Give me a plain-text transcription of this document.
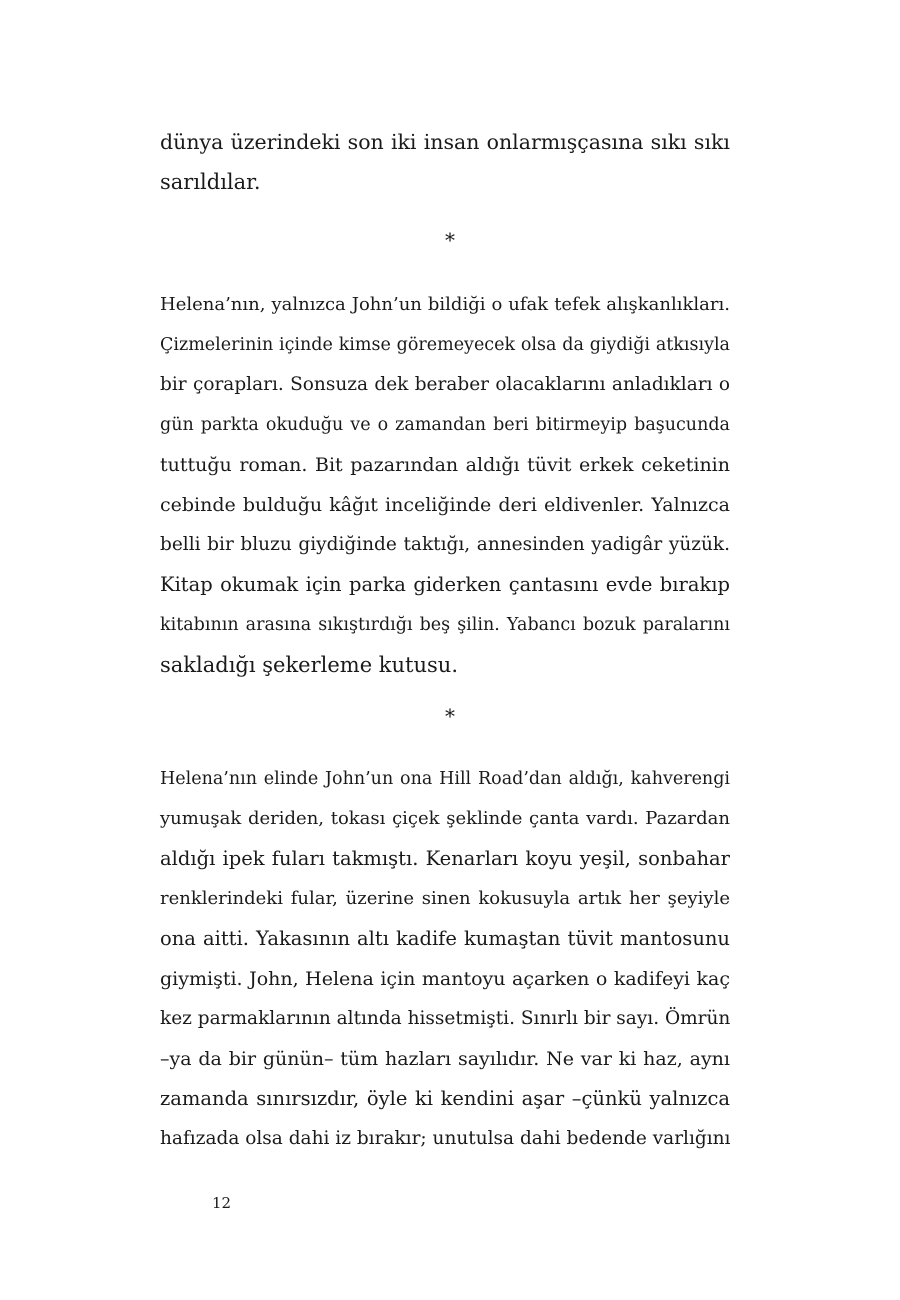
dünya üzerindeki son iki insan onlarmışçasına sıkı sıkı
sarıldılar.
*
Helena’nın, yalnızca John’un bildiği o ufak tefek alışkanlıkları.
Çizmelerinin içinde kimse göremeyecek olsa da giydiği atkısıyla
bir çorapları. Sonsuza dek beraber olacaklarını anladıkları o
gün parkta okuduğu ve o zamandan beri bitirmeyip başucunda
tuttuğu roman. Bit pazarından aldığı tüvit erkek ceketinin
cebinde bulduğu kâğıt inceliğinde deri eldivenler. Yalnızca
belli bir bluzu giydiğinde taktığı, annesinden yadigâr yüzük.
Kitap okumak için parka giderken çantasını evde bırakıp
kitabının arasına sıkıştırdığı beş şilin. Yabancı bozuk paralarını
sakladığı şekerleme kutusu.
*
Helena’nın elinde John’un ona Hill Road’dan aldığı, kahverengi
yumuşak deriden, tokası çiçek şeklinde çanta vardı. Pazardan
aldığı ipek fuları takmıştı. Kenarları koyu yeşil, sonbahar
renklerindeki fular, üzerine sinen kokusuyla artık her şeyiyle
ona aitti. Yakasının altı kadife kumaştan tüvit mantosunu
giymişti. John, Helena için mantoyu açarken o kadifeyi kaç
kez parmaklarının altında hissetmişti. Sınırlı bir sayı. Ömrün
–ya da bir günün– tüm hazları sayılıdır. Ne var ki haz, aynı
zamanda sınırsızdır, öyle ki kendini aşar –çünkü yalnızca
hafızada olsa dahi iz bırakır; unutulsa dahi bedende varlığını
12
